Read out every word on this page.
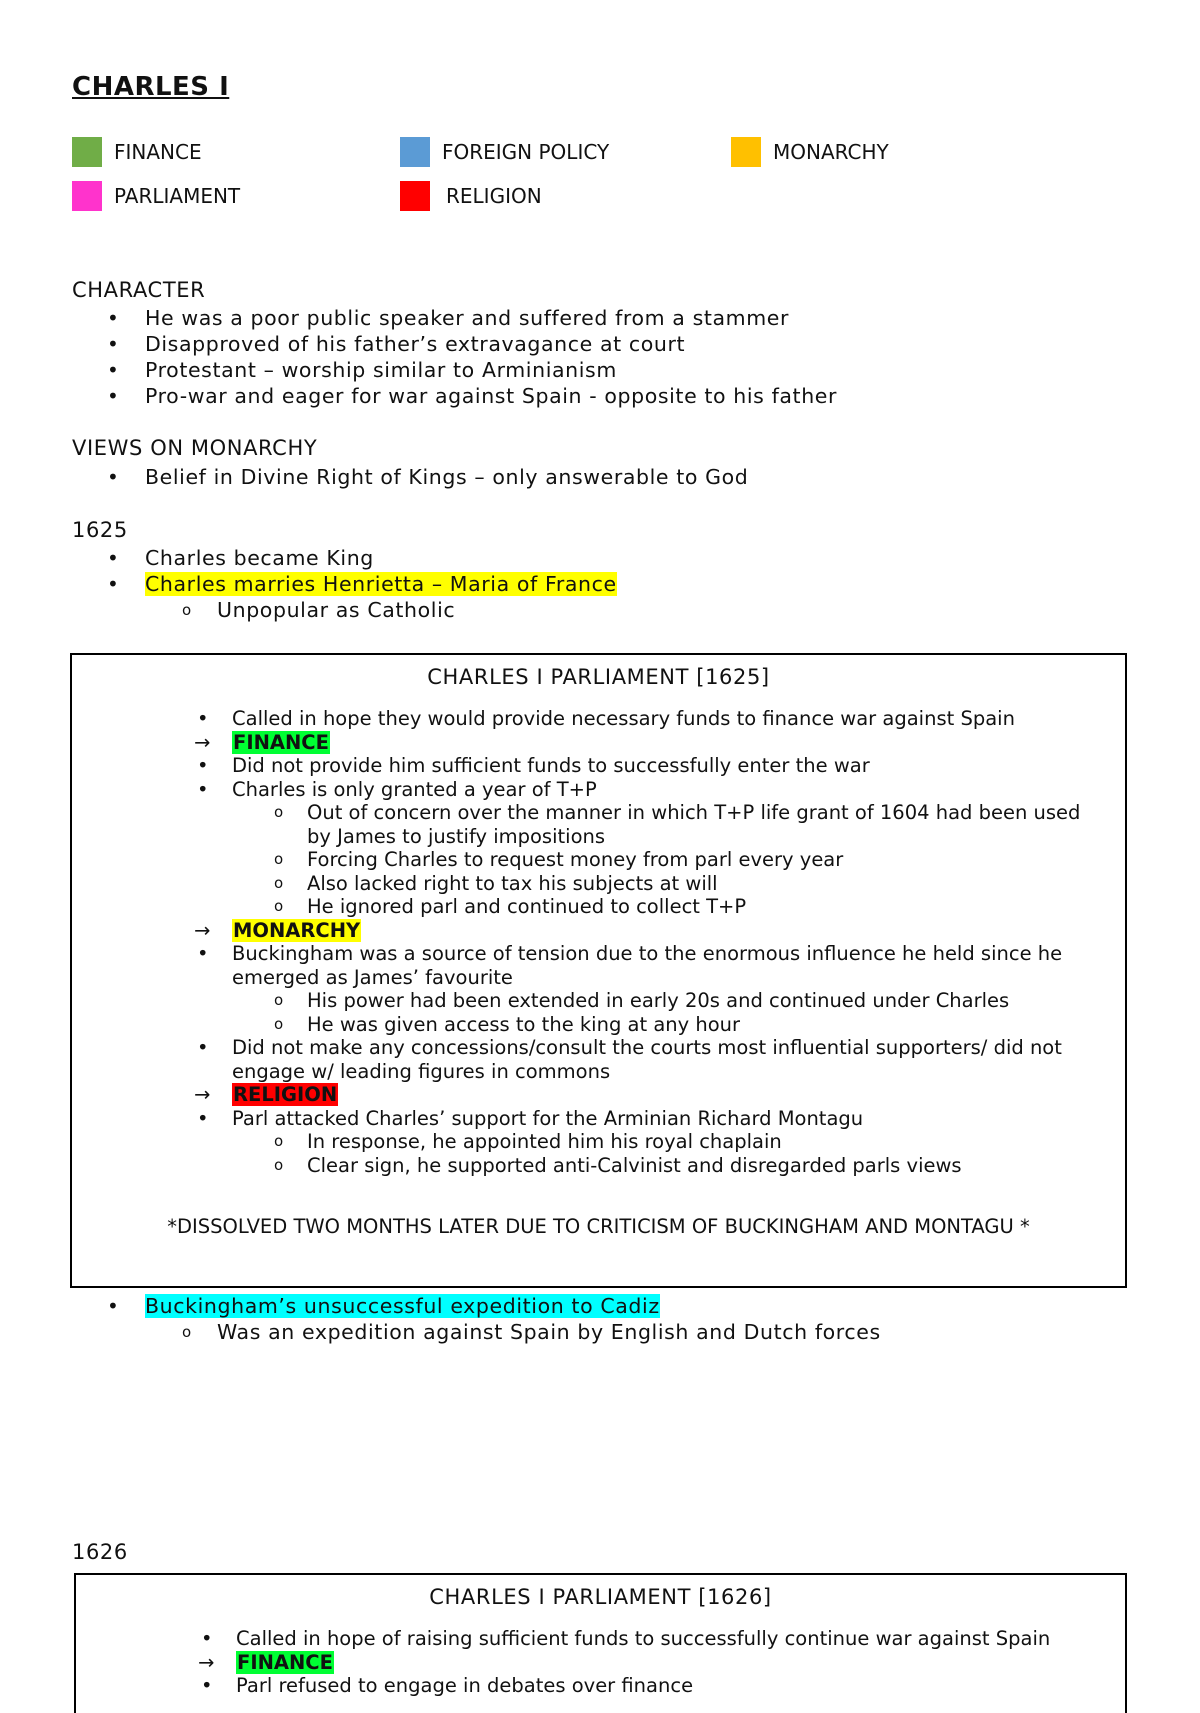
CHARLES I
FINANCE	FOREIGN POLICY	MONARCHY
PARLIAMENT	RELIGION
CHARACTER
• He was a poor public speaker and suffered from a stammer
• Disapproved of his father’s extravagance at court
• Protestant – worship similar to Arminianism
• Pro-war and eager for war against Spain - opposite to his father
VIEWS ON MONARCHY
• Belief in Divine Right of Kings – only answerable to God
1625
• Charles became King
• Charles marries Henrietta – Maria of France
o Unpopular as Catholic
CHARLES I PARLIAMENT [1625]
• Called in hope they would provide necessary funds to finance war against Spain
→ FINANCE
• Did not provide him sufficient funds to successfully enter the war
• Charles is only granted a year of T+P
o Out of concern over the manner in which T+P life grant of 1604 had been used by James to justify impositions
o Forcing Charles to request money from parl every year
o Also lacked right to tax his subjects at will
o He ignored parl and continued to collect T+P
→ MONARCHY
• Buckingham was a source of tension due to the enormous influence he held since he emerged as James’ favourite
o His power had been extended in early 20s and continued under Charles
o He was given access to the king at any hour
• Did not make any concessions/consult the courts most influential supporters/ did not engage w/ leading figures in commons
→ RELIGION
• Parl attacked Charles’ support for the Arminian Richard Montagu
o In response, he appointed him his royal chaplain
o Clear sign, he supported anti-Calvinist and disregarded parls views
*DISSOLVED TWO MONTHS LATER DUE TO CRITICISM OF BUCKINGHAM AND MONTAGU *
• Buckingham’s unsuccessful expedition to Cadiz
o Was an expedition against Spain by English and Dutch forces
1626
CHARLES I PARLIAMENT [1626]
• Called in hope of raising sufficient funds to successfully continue war against Spain
→ FINANCE
• Parl refused to engage in debates over finance
